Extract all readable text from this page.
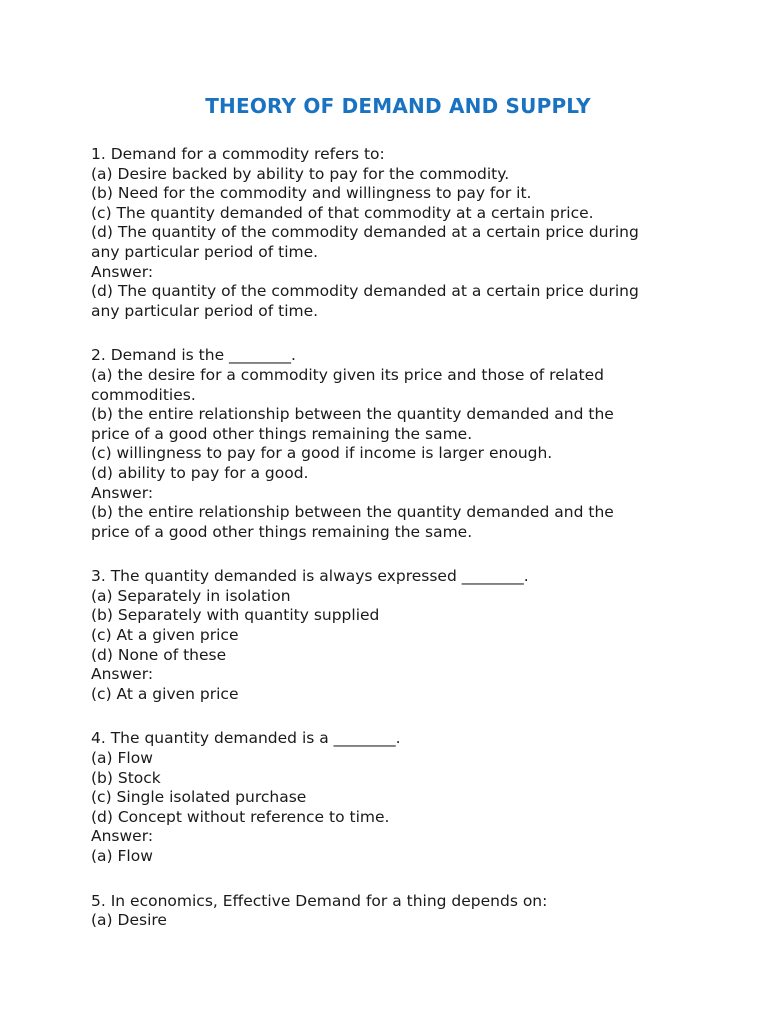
THEORY OF DEMAND AND SUPPLY

1. Demand for a commodity refers to:

(a) Desire backed by ability to pay for the commodity.

(b) Need for the commodity and willingness to pay for it.

(c) The quantity demanded of that commodity at a certain price.

(d) The quantity of the commodity demanded at a certain price during

any particular period of time.

Answer:

(d) The quantity of the commodity demanded at a certain price during

any particular period of time.

2. Demand is the ________.

(a) the desire for a commodity given its price and those of related

commodities.

(b) the entire relationship between the quantity demanded and the

price of a good other things remaining the same.

(c) willingness to pay for a good if income is larger enough.

(d) ability to pay for a good.

Answer:

(b) the entire relationship between the quantity demanded and the

price of a good other things remaining the same.

3. The quantity demanded is always expressed ________.

(a) Separately in isolation

(b) Separately with quantity supplied

(c) At a given price

(d) None of these

Answer:

(c) At a given price

4. The quantity demanded is a ________.

(a) Flow

(b) Stock

(c) Single isolated purchase

(d) Concept without reference to time.

Answer:

(a) Flow

5. In economics, Effective Demand for a thing depends on:

(a) Desire
